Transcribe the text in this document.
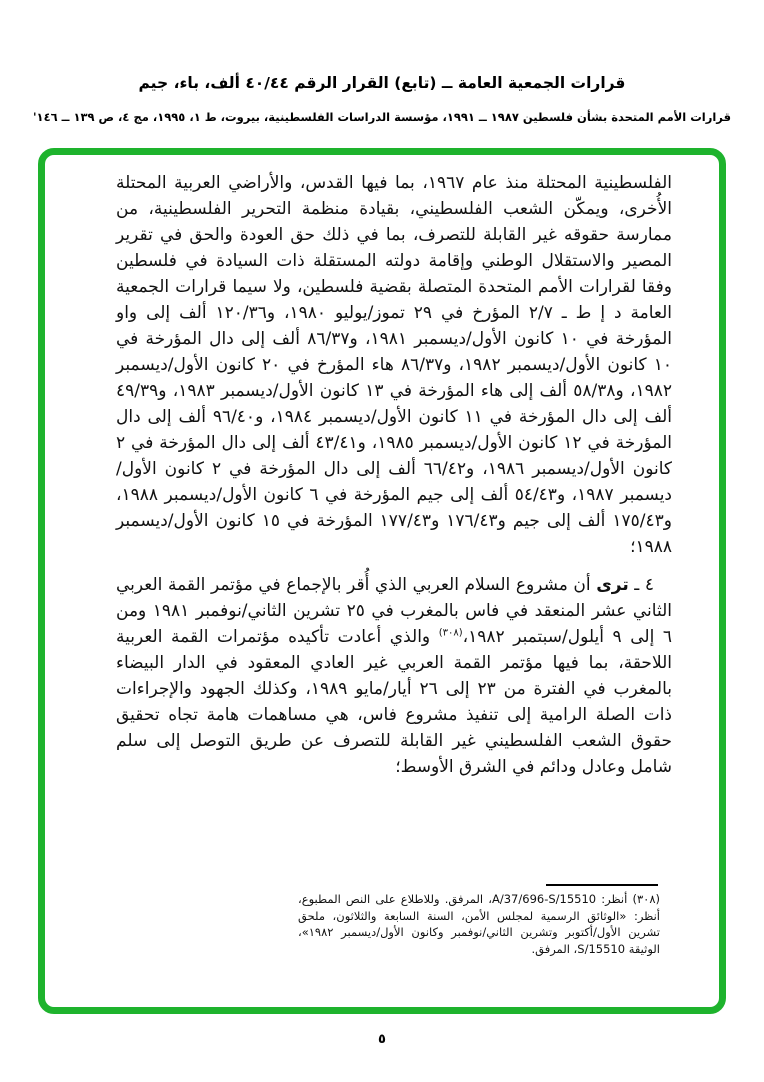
قرارات الجمعية العامة ــ (تابع) القرار الرقم ٤٠/٤٤ ألف، باء، جيم
قرارات الأمم المتحدة بشأن فلسطين ١٩٨٧ ــ ١٩٩١، مؤسسة الدراسات الفلسطينية، بيروت، ط ١، ١٩٩٥، مج ٤، ص ١٣٩ ــ ١٤٦'

الفلسطينية المحتلة منذ عام ١٩٦٧، بما فيها القدس، والأراضي العربية المحتلة الأُخرى، ويمكّن الشعب الفلسطيني، بقيادة منظمة التحرير الفلسطينية، من ممارسة حقوقه غير القابلة للتصرف، بما في ذلك حق العودة والحق في تقرير المصير والاستقلال الوطني وإقامة دولته المستقلة ذات السيادة في فلسطين وفقا لقرارات الأمم المتحدة المتصلة بقضية فلسطين، ولا سيما قرارات الجمعية العامة د إ ط ـ ٢/٧ المؤرخ في ٢٩ تموز/يوليو ١٩٨٠، و١٢٠/٣٦ ألف إلى واو المؤرخة في ١٠ كانون الأول/ديسمبر ١٩٨١، و٨٦/٣٧ ألف إلى دال المؤرخة في ١٠ كانون الأول/ديسمبر ١٩٨٢، و٨٦/٣٧ هاء المؤرخ في ٢٠ كانون الأول/ديسمبر ١٩٨٢، و٥٨/٣٨ ألف إلى هاء المؤرخة في ١٣ كانون الأول/ديسمبر ١٩٨٣، و٤٩/٣٩ ألف إلى دال المؤرخة في ١١ كانون الأول/ديسمبر ١٩٨٤، و٩٦/٤٠ ألف إلى دال المؤرخة في ١٢ كانون الأول/ديسمبر ١٩٨٥، و٤٣/٤١ ألف إلى دال المؤرخة في ٢ كانون الأول/ديسمبر ١٩٨٦، و٦٦/٤٢ ألف إلى دال المؤرخة في ٢ كانون الأول/ديسمبر ١٩٨٧، و٥٤/٤٣ ألف إلى جيم المؤرخة في ٦ كانون الأول/ديسمبر ١٩٨٨، و١٧٥/٤٣ ألف إلى جيم و١٧٦/٤٣ و١٧٧/٤٣ المؤرخة في ١٥ كانون الأول/ديسمبر ١٩٨٨؛

٤ ـ ترى أن مشروع السلام العربي الذي أُقر بالإجماع في مؤتمر القمة العربي الثاني عشر المنعقد في فاس بالمغرب في ٢٥ تشرين الثاني/نوفمبر ١٩٨١ ومن ٦ إلى ٩ أيلول/سبتمبر ١٩٨٢،$^{(٣٠٨)}$ والذي أعادت تأكيده مؤتمرات القمة العربية اللاحقة، بما فيها مؤتمر القمة العربي غير العادي المعقود في الدار البيضاء بالمغرب في الفترة من ٢٣ إلى ٢٦ أيار/مايو ١٩٨٩، وكذلك الجهود والإجراءات ذات الصلة الرامية إلى تنفيذ مشروع فاس، هي مساهمات هامة تجاه تحقيق حقوق الشعب الفلسطيني غير القابلة للتصرف عن طريق التوصل إلى سلم شامل وعادل ودائم في الشرق الأوسط؛

(٣٠٨) أنظر: A/37/696-S/15510، المرفق. وللاطلاع على النص المطبوع، أنظر: «الوثائق الرسمية لمجلس الأمن، السنة السابعة والثلاثون، ملحق تشرين الأول/أكتوبر وتشرين الثاني/نوفمبر وكانون الأول/ديسمبر ١٩٨٢»، الوثيقة S/15510، المرفق.
٥
